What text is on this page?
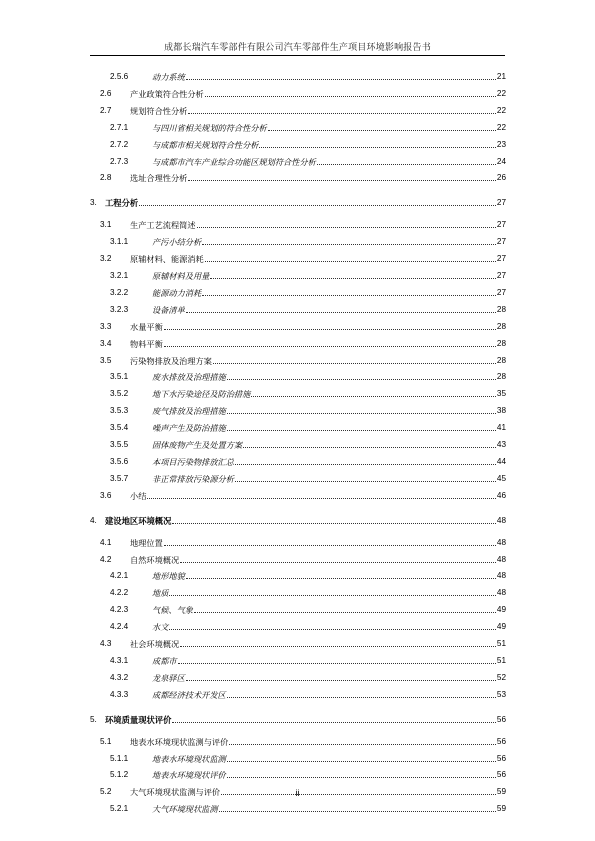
成都长瑞汽车零部件有限公司汽车零部件生产项目环境影响报告书
2.5.6	动力系统	21
2.6 产业政策符合性分析	22
2.7 规划符合性分析	22
2.7.1	与四川省相关规划的符合性分析	22
2.7.2	与成都市相关规划符合性分析	23
2.7.3	与成都市汽车产业综合功能区规划符合性分析	24
2.8 选址合理性分析	26
3. 工程分析	27
3.1 生产工艺流程简述	27
3.1.1	产污小结分析	27
3.2 原辅材料、能源消耗	27
3.2.1	原辅材料及用量	27
3.2.2	能源动力消耗	27
3.2.3	设备清单	28
3.3 水量平衡	28
3.4 物料平衡	28
3.5 污染物排放及治理方案	28
3.5.1	废水排放及治理措施	28
3.5.2	地下水污染途径及防治措施	35
3.5.3	废气排放及治理措施	38
3.5.4	噪声产生及防治措施	41
3.5.5	固体废物产生及处置方案	43
3.5.6	本项目污染物排放汇总	44
3.5.7	非正常排放污染源分析	45
3.6 小结	46
4. 建设地区环境概况	48
4.1 地理位置	48
4.2 自然环境概况	48
4.2.1	地形地貌	48
4.2.2	地质	48
4.2.3	气候、气象	49
4.2.4	水文	49
4.3 社会环境概况	51
4.3.1	成都市	51
4.3.2	龙泉驿区	52
4.3.3	成都经济技术开发区	53
5. 环境质量现状评价	56
5.1 地表水环境现状监测与评价	56
5.1.1	地表水环境现状监测	56
5.1.2	地表水环境现状评价	56
5.2 大气环境现状监测与评价	59
5.2.1	大气环境现状监测	59
ii
